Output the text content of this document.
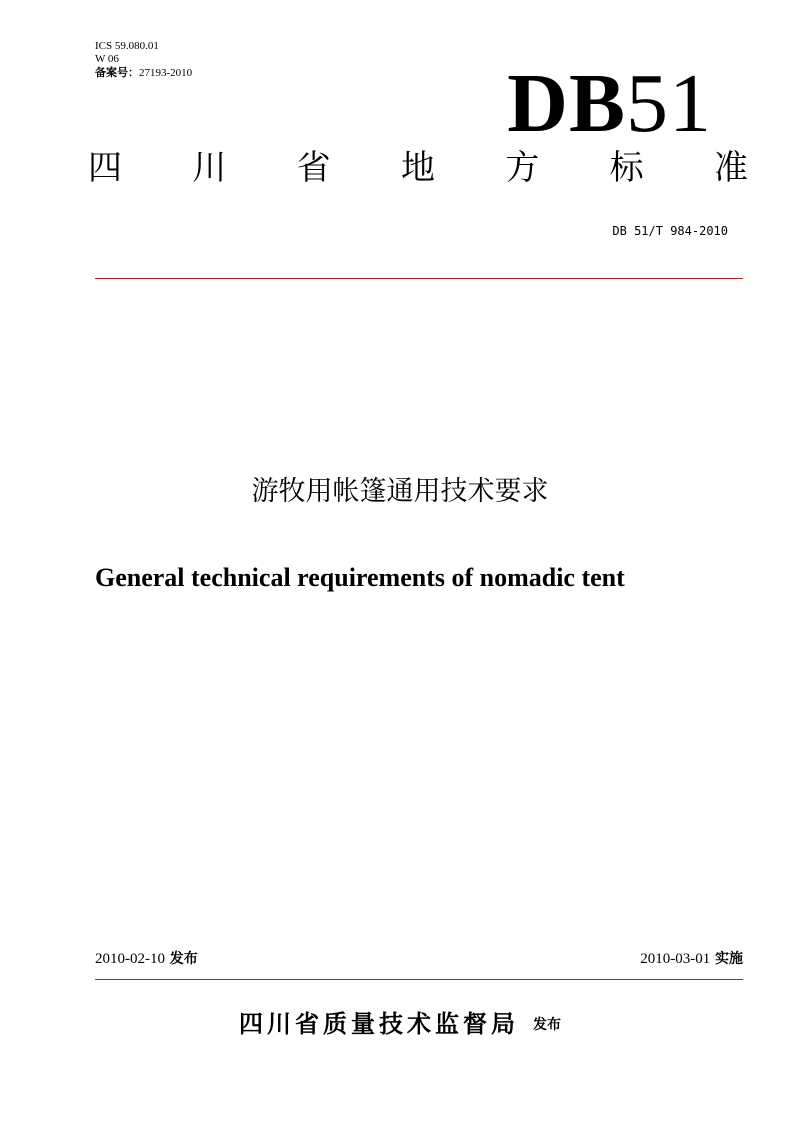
ICS 59.080.01
W 06
备案号：27193-2010	DB51
四 川 省 地 方 标 准
DB 51/T 984-2010
游牧用帐篷通用技术要求
General technical requirements of nomadic tent
2010-02-10 发布	2010-03-01 实施
四川省质量技术监督局 发布
